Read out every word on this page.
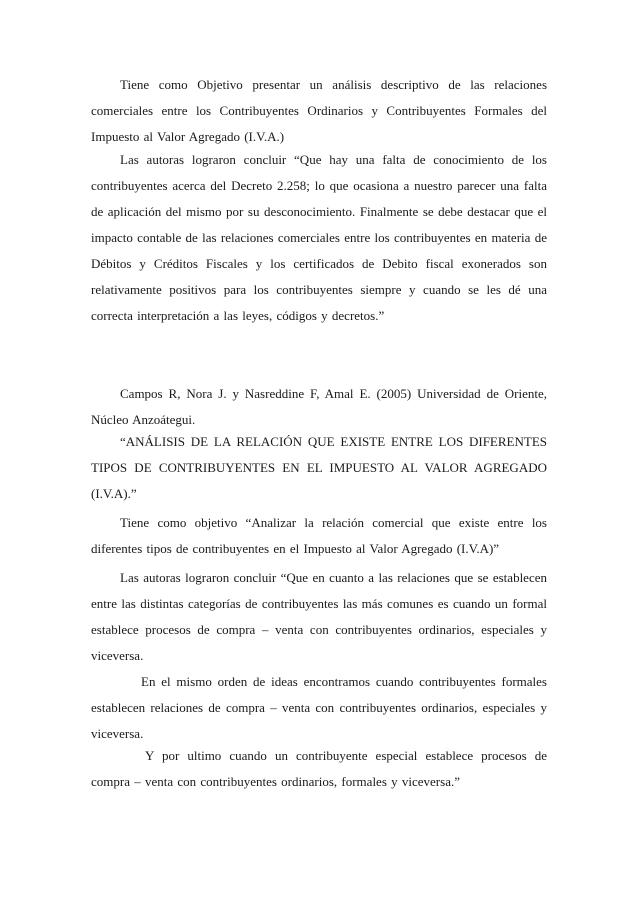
Tiene como Objetivo presentar un análisis descriptivo de las relaciones comerciales entre los Contribuyentes Ordinarios y Contribuyentes Formales del Impuesto al Valor Agregado (I.V.A.)

Las autoras lograron concluir “Que hay una falta de conocimiento de los contribuyentes acerca del Decreto 2.258; lo que ocasiona a nuestro parecer una falta de aplicación del mismo por su desconocimiento. Finalmente se debe destacar que el impacto contable de las relaciones comerciales entre los contribuyentes en materia de Débitos y Créditos Fiscales y los certificados de Debito fiscal exonerados son relativamente positivos para los contribuyentes siempre y cuando se les dé una correcta interpretación a las leyes, códigos y decretos.”

Campos R, Nora J. y Nasreddine F, Amal E. (2005) Universidad de Oriente, Núcleo Anzoátegui.

“ANÁLISIS DE LA RELACIÓN QUE EXISTE ENTRE LOS DIFERENTES TIPOS DE CONTRIBUYENTES EN EL IMPUESTO AL VALOR AGREGADO (I.V.A).”

Tiene como objetivo “Analizar la relación comercial que existe entre los diferentes tipos de contribuyentes en el Impuesto al Valor Agregado (I.V.A)”

Las autoras lograron concluir “Que en cuanto a las relaciones que se establecen entre las distintas categorías de contribuyentes las más comunes es cuando un formal establece procesos de compra – venta con contribuyentes ordinarios, especiales y viceversa.

En el mismo orden de ideas encontramos cuando contribuyentes formales establecen relaciones de compra – venta con contribuyentes ordinarios, especiales y viceversa.

Y por ultimo cuando un contribuyente especial establece procesos de compra – venta con contribuyentes ordinarios, formales y viceversa.”
